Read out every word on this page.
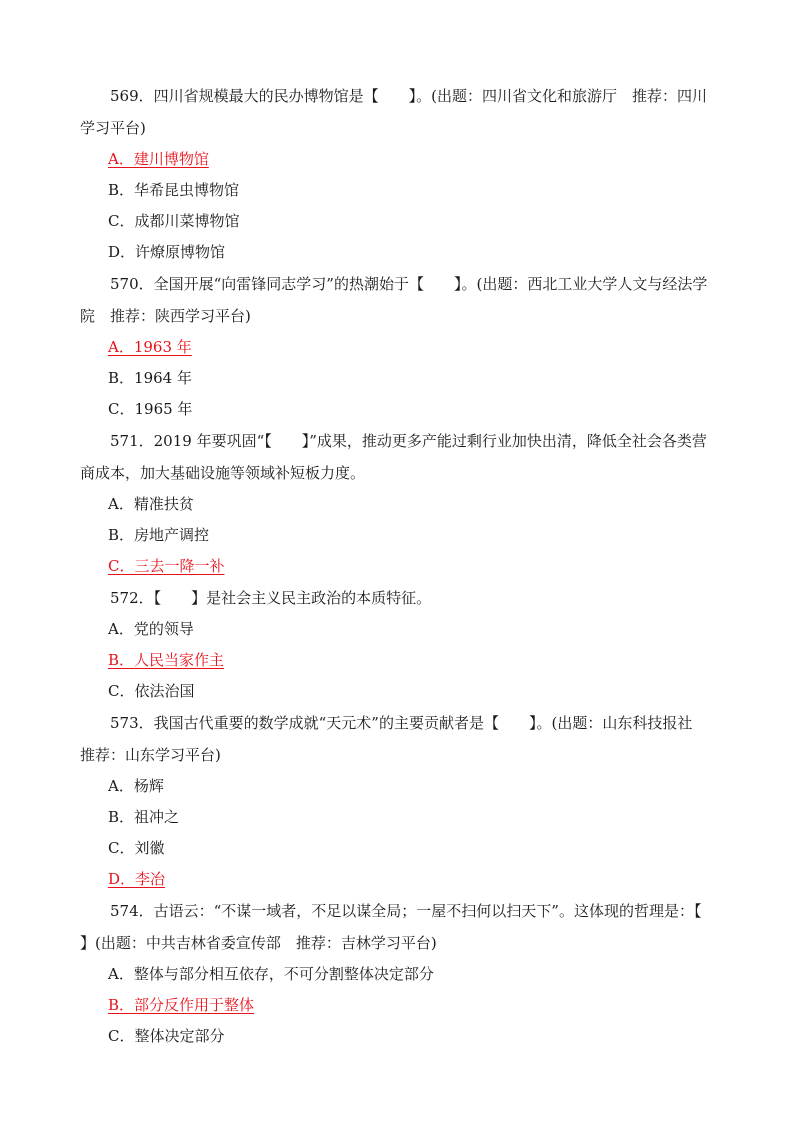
569．四川省规模最大的民办博物馆是【　　】。(出题：四川省文化和旅游厅　推荐：四川学习平台)

A．建川博物馆

B．华希昆虫博物馆

C．成都川菜博物馆

D．许燎原博物馆

570．全国开展“向雷锋同志学习”的热潮始于【　　】。(出题：西北工业大学人文与经法学院　推荐：陕西学习平台)

A．1963 年

B．1964 年

C．1965 年

571．2019 年要巩固“【　　】”成果，推动更多产能过剩行业加快出清，降低全社会各类营商成本，加大基础设施等领域补短板力度。

A．精准扶贫

B．房地产调控

C．三去一降一补

572．【　　】是社会主义民主政治的本质特征。

A．党的领导

B．人民当家作主

C．依法治国

573．我国古代重要的数学成就“天元术”的主要贡献者是【　　】。(出题：山东科技报社　推荐：山东学习平台)

A．杨辉

B．祖冲之

C．刘徽

D．李冶

574．古语云：“不谋一域者，不足以谋全局；一屋不扫何以扫天下”。这体现的哲理是：【　　】(出题：中共吉林省委宣传部　推荐：吉林学习平台)

A．整体与部分相互依存，不可分割整体决定部分

B．部分反作用于整体

C．整体决定部分
